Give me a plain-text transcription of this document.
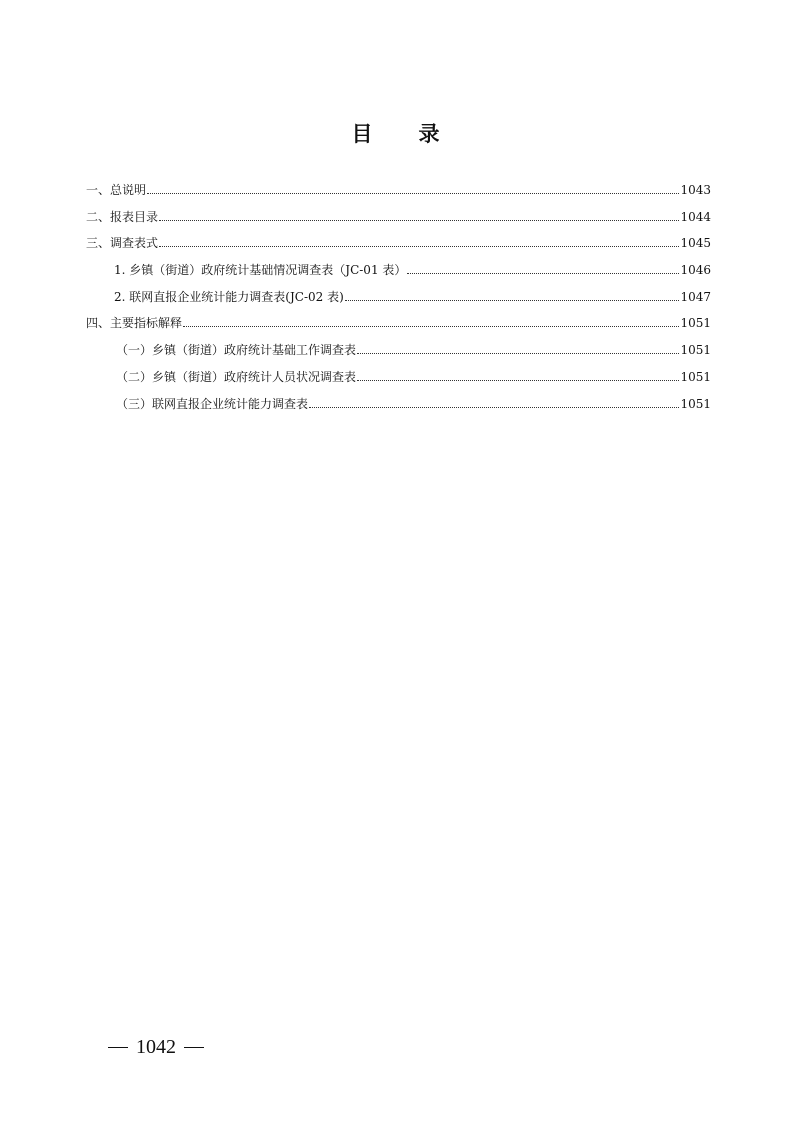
目 录
一、总说明	1043
二、报表目录	1044
三、调查表式	1045
1. 乡镇（街道）政府统计基础情况调查表（JC-01 表）	1046
2. 联网直报企业统计能力调查表(JC-02 表)	1047
四、主要指标解释	1051
（一）乡镇（街道）政府统计基础工作调查表	1051
（二）乡镇（街道）政府统计人员状况调查表	1051
（三）联网直报企业统计能力调查表	1051
1042
